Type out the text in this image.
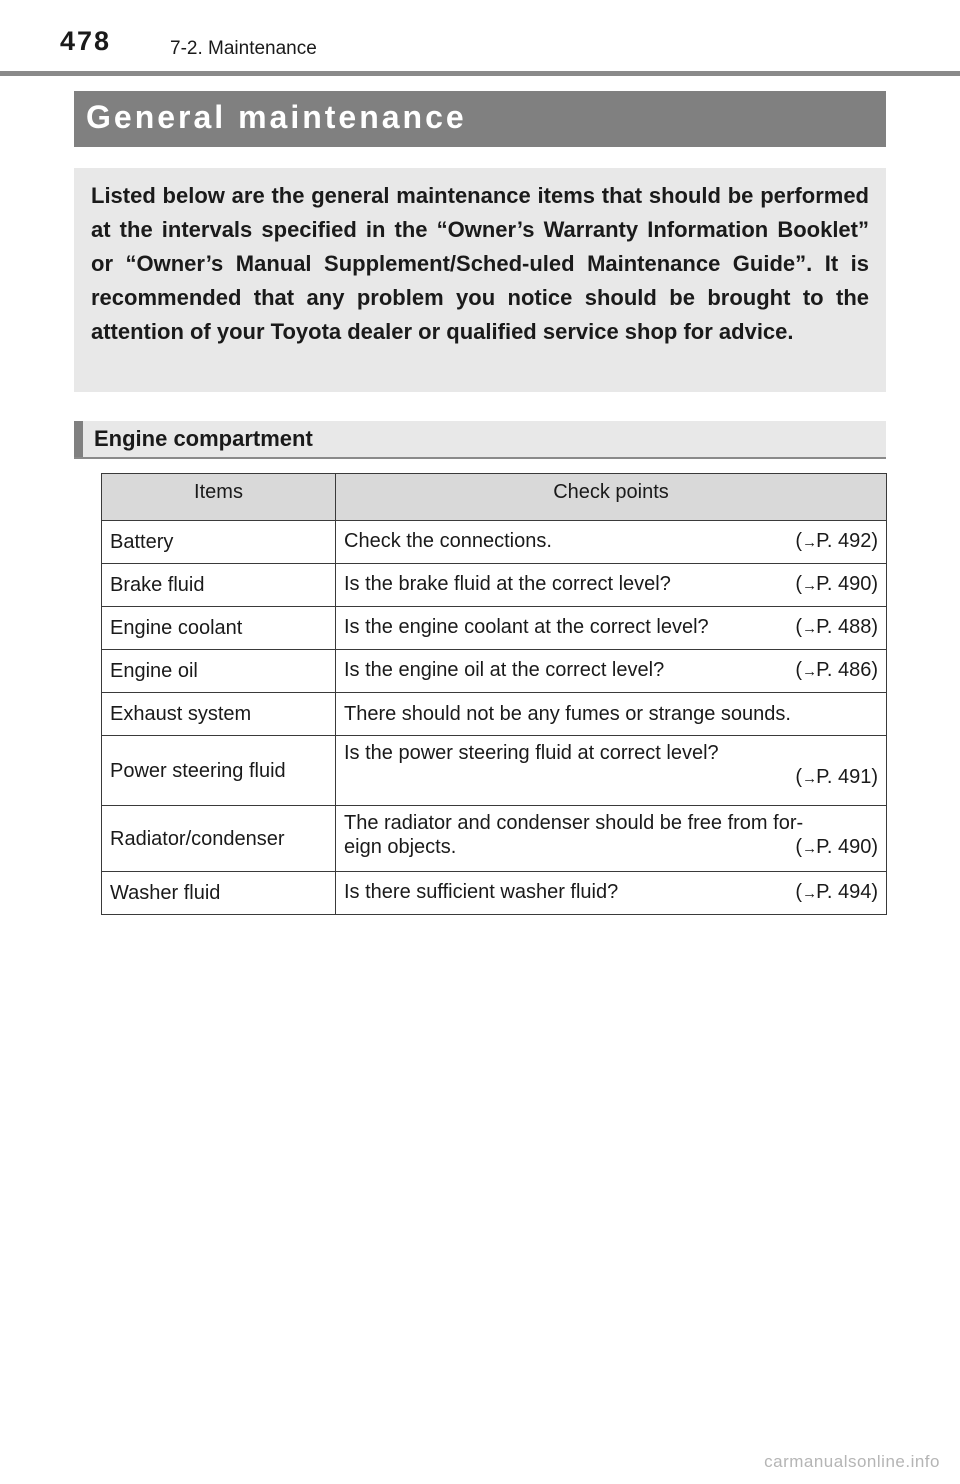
478	7-2. Maintenance
General maintenance

Listed below are the general maintenance items that should be performed at the intervals specified in the “Owner’s Warranty Information Booklet” or “Owner’s Manual Supplement/Sched-uled Maintenance Guide”. It is recommended that any problem you notice should be brought to the attention of your Toyota dealer or qualified service shop for advice.

Engine compartment
Items	Check points
Battery	Check the connections. (→P. 492)

Brake fluid	Is the brake fluid at the correct level? (→P. 490)

Engine coolant	Is the engine coolant at the correct level? (→P. 488)

Engine oil	Is the engine oil at the correct level? (→P. 486)

Exhaust system	There should not be any fumes or strange sounds.
Power steering fluid	Is the power steering fluid at correct level?
(→P. 491)

Radiator/condenser	The radiator and condenser should be free from for-
eign objects. (→P. 490)

Washer fluid	Is there sufficient washer fluid? (→P. 494)
carmanualsonline.info
